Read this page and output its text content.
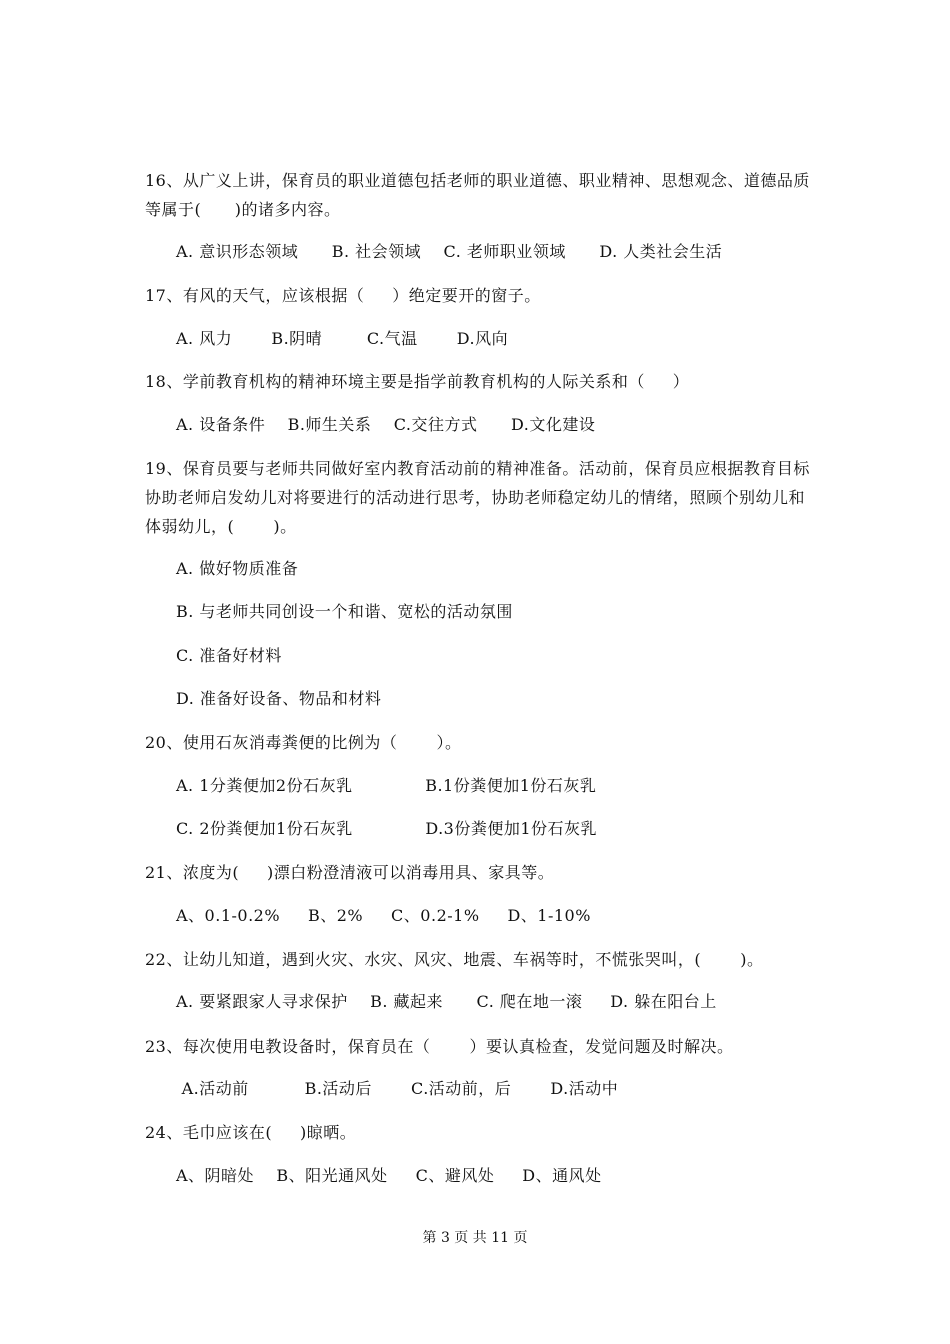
16、从广义上讲，保育员的职业道德包括老师的职业道德、职业精神、思想观念、道德品质等属于(      )的诸多内容。
A. 意识形态领域      B. 社会领域    C. 老师职业领域      D. 人类社会生活
17、有风的天气，应该根据（     ）绝定要开的窗子。
A. 风力       B.阴晴        C.气温       D.风向
18、学前教育机构的精神环境主要是指学前教育机构的人际关系和（     ）
A. 设备条件    B.师生关系    C.交往方式      D.文化建设
19、保育员要与老师共同做好室内教育活动前的精神准备。活动前，保育员应根据教育目标协助老师启发幼儿对将要进行的活动进行思考，协助老师稳定幼儿的情绪，照顾个别幼儿和体弱幼儿，(       )。
A. 做好物质准备
B. 与老师共同创设一个和谐、宽松的活动氛围
C. 准备好材料
D. 准备好设备、物品和材料
20、使用石灰消毒粪便的比例为（       ）。
A. 1分粪便加2份石灰乳             B.1份粪便加1份石灰乳
C. 2份粪便加1份石灰乳             D.3份粪便加1份石灰乳
21、浓度为(     )漂白粉澄清液可以消毒用具、家具等。
A、0.1-0.2%     B、2%     C、0.2-1%     D、1-10%
22、让幼儿知道，遇到火灾、水灾、风灾、地震、车祸等时，不慌张哭叫，(       )。
A. 要紧跟家人寻求保护    B. 藏起来      C. 爬在地一滚     D. 躲在阳台上
23、每次使用电教设备时，保育员在（       ）要认真检查，发觉问题及时解决。
A.活动前          B.活动后       C.活动前，后       D.活动中
24、毛巾应该在(     )晾晒。
A、阴暗处    B、阳光通风处     C、避风处     D、通风处
第 3 页 共 11 页
